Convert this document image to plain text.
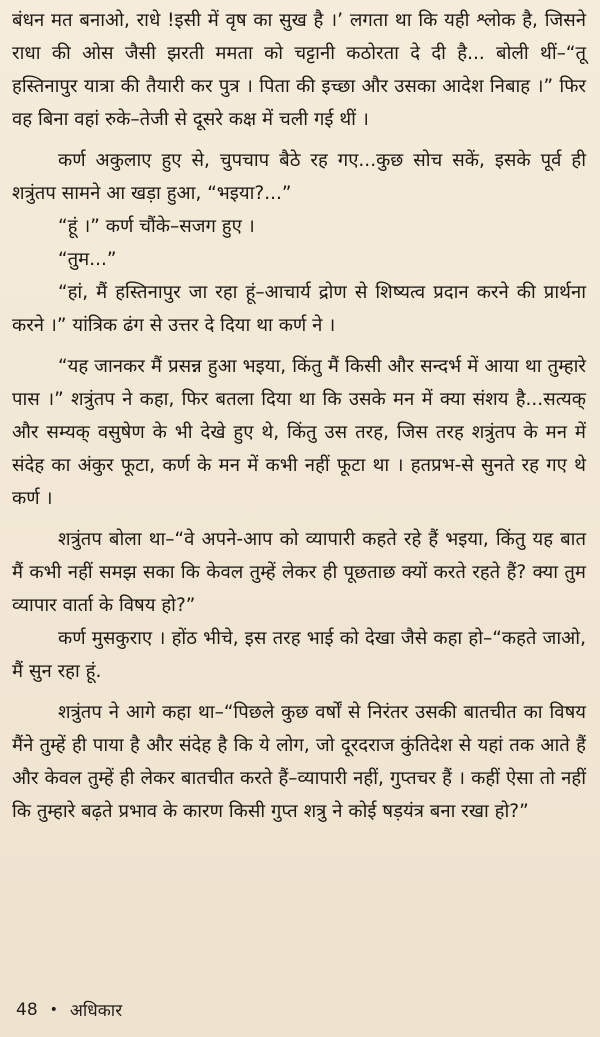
बंधन मत बनाओ, राधे !इसी में वृष का सुख है ।’ लगता था कि यही श्लोक है, जिसने राधा की ओस जैसी झरती ममता को चट्टानी कठोरता दे दी है... बोली थीं–“तू हस्तिनापुर यात्रा की तैयारी कर पुत्र । पिता की इच्छा और उसका आदेश निबाह ।” फिर वह बिना वहां रुके–तेजी से दूसरे कक्ष में चली गई थीं ।

कर्ण अकुलाए हुए से, चुपचाप बैठे रह गए...कुछ सोच सकें, इसके पूर्व ही शत्रुंतप सामने आ खड़ा हुआ, “भइया?...”

“हूं ।” कर्ण चौंके–सजग हुए ।

“तुम...”

“हां, मैं हस्तिनापुर जा रहा हूं–आचार्य द्रोण से शिष्यत्व प्रदान करने की प्रार्थना करने ।” यांत्रिक ढंग से उत्तर दे दिया था कर्ण ने ।

“यह जानकर मैं प्रसन्न हुआ भइया, किंतु मैं किसी और सन्दर्भ में आया था तुम्हारे पास ।” शत्रुंतप ने कहा, फिर बतला दिया था कि उसके मन में क्या संशय है...सत्यक् और सम्यक् वसुषेण के भी देखे हुए थे, किंतु उस तरह, जिस तरह शत्रुंतप के मन में संदेह का अंकुर फूटा, कर्ण के मन में कभी नहीं फूटा था । हतप्रभ-से सुनते रह गए थे कर्ण ।

शत्रुंतप बोला था–“वे अपने-आप को व्यापारी कहते रहे हैं भइया, किंतु यह बात मैं कभी नहीं समझ सका कि केवल तुम्हें लेकर ही पूछताछ क्यों करते रहते हैं? क्या तुम व्यापार वार्ता के विषय हो?”

कर्ण मुसकुराए । होंठ भीचे, इस तरह भाई को देखा जैसे कहा हो–“कहते जाओ, मैं सुन रहा हूं.

शत्रुंतप ने आगे कहा था–“पिछले कुछ वर्षों से निरंतर उसकी बातचीत का विषय मैंने तुम्हें ही पाया है और संदेह है कि ये लोग, जो दूरदराज कुंतिदेश से यहां तक आते हैं और केवल तुम्हें ही लेकर बातचीत करते हैं–व्यापारी नहीं, गुप्तचर हैं । कहीं ऐसा तो नहीं कि तुम्हारे बढ़ते प्रभाव के कारण किसी गुप्त शत्रु ने कोई षड़यंत्र बना रखा हो?”

48 • अधिकार
